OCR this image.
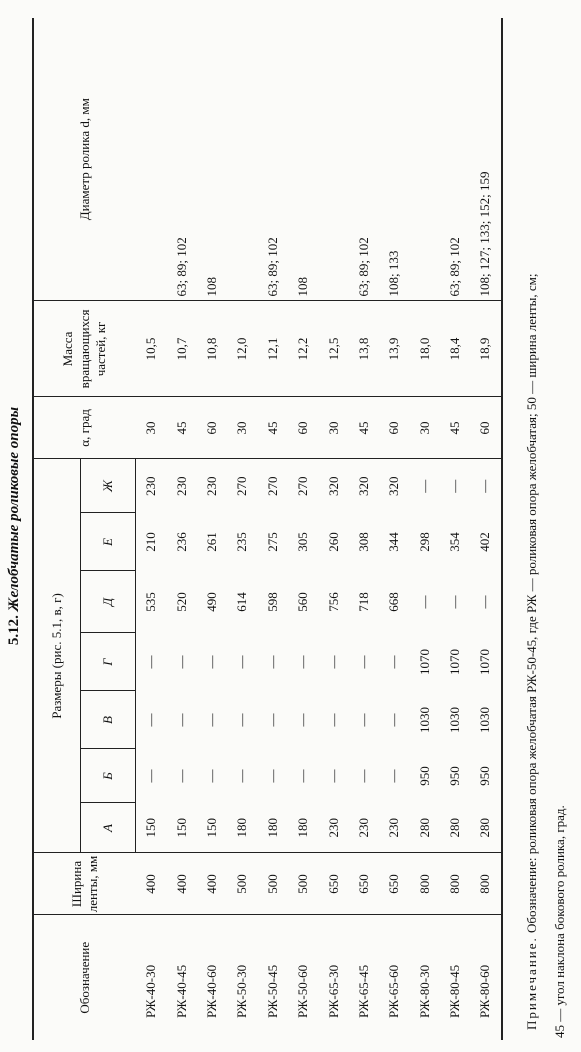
5.12. Желобчатые роликовые опоры
Обозначение	Ширина ленты, мм	Размеры (рис. 5.1, в, г)							α, град	Масса вращающихся частей, кг	Диаметр ролика d, мм
		А	Б	В	Г	Д	Е	Ж			
РЖ-40-30	400	150	—	—	—	535	210	230	30	10,5	
РЖ-40-45	400	150	—	—	—	520	236	230	45	10,7	63; 89; 102
РЖ-40-60	400	150	—	—	—	490	261	230	60	10,8	108
РЖ-50-30	500	180	—	—	—	614	235	270	30	12,0	
РЖ-50-45	500	180	—	—	—	598	275	270	45	12,1	63; 89; 102
РЖ-50-60	500	180	—	—	—	560	305	270	60	12,2	108
РЖ-65-30	650	230	—	—	—	756	260	320	30	12,5	
РЖ-65-45	650	230	—	—	—	718	308	320	45	13,8	63; 89; 102
РЖ-65-60	650	230	—	—	—	668	344	320	60	13,9	108; 133
РЖ-80-30	800	280	950	1030	1070	—	298	—	30	18,0	
РЖ-80-45	800	280	950	1030	1070	—	354	—	45	18,4	63; 89; 102
РЖ-80-60	800	280	950	1030	1070	—	402	—	60	18,9	108; 127; 133; 152; 159
Примечание. Обозначение: роликовая опора желобчатая РЖ-50-45, где РЖ — роликовая опора желобчатая; 50 — ширина ленты, см;	45 — угол наклона бокового ролика, град.
